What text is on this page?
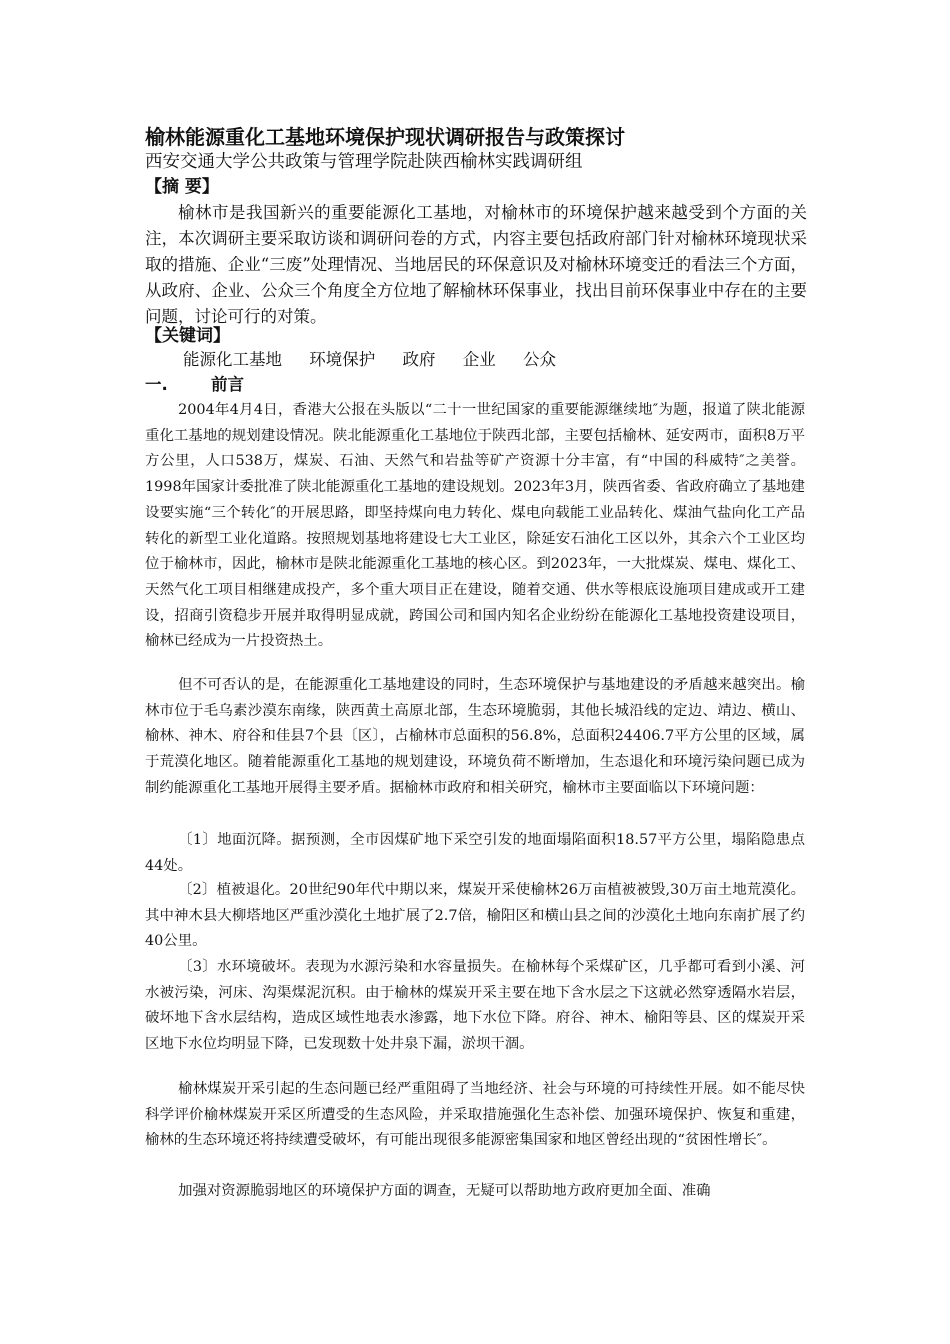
榆林能源重化工基地环境保护现状调研报告与政策探讨
西安交通大学公共政策与管理学院赴陕西榆林实践调研组
【摘 要】

榆林市是我国新兴的重要能源化工基地，对榆林市的环境保护越来越受到个方面的关注，本次调研主要采取访谈和调研问卷的方式，内容主要包括政府部门针对榆林环境现状采取的措施、企业“三废”处理情况、当地居民的环保意识及对榆林环境变迁的看法三个方面，从政府、企业、公众三个角度全方位地了解榆林环保事业，找出目前环保事业中存在的主要问题，讨论可行的对策。

【关键词】
能源化工基地 环境保护 政府 企业 公众
一.	前言

2004年4月4日，香港大公报在头版以“二十一世纪国家的重要能源继续地″为题，报道了陕北能源重化工基地的规划建设情况。陕北能源重化工基地位于陕西北部，主要包括榆林、延安两市，面积8万平方公里，人口538万，煤炭、石油、天然气和岩盐等矿产资源十分丰富，有“中国的科威特″之美誉。1998年国家计委批准了陕北能源重化工基地的建设规划。2023年3月，陕西省委、省政府确立了基地建设要实施“三个转化″的开展思路，即坚持煤向电力转化、煤电向载能工业品转化、煤油气盐向化工产品转化的新型工业化道路。按照规划基地将建设七大工业区，除延安石油化工区以外，其余六个工业区均位于榆林市，因此，榆林市是陕北能源重化工基地的核心区。到2023年，一大批煤炭、煤电、煤化工、天然气化工项目相继建成投产，多个重大项目正在建设，随着交通、供水等根底设施项目建成或开工建设，招商引资稳步开展并取得明显成就，跨国公司和国内知名企业纷纷在能源化工基地投资建设项目，榆林已经成为一片投资热土。

但不可否认的是，在能源重化工基地建设的同时，生态环境保护与基地建设的矛盾越来越突出。榆林市位于毛乌素沙漠东南缘，陕西黄土高原北部，生态环境脆弱，其他长城沿线的定边、靖边、横山、榆林、神木、府谷和佳县7个县〔区〕，占榆林市总面积的56.8%，总面积24406.7平方公里的区域，属于荒漠化地区。随着能源重化工基地的规划建设，环境负荷不断增加，生态退化和环境污染问题已成为制约能源重化工基地开展得主要矛盾。据榆林市政府和相关研究，榆林市主要面临以下环境问题：

〔1〕地面沉降。据预测，全市因煤矿地下采空引发的地面塌陷面积18.57平方公里，塌陷隐患点44处。

〔2〕植被退化。20世纪90年代中期以来，煤炭开采使榆林26万亩植被被毁,30万亩土地荒漠化。其中神木县大柳塔地区严重沙漠化土地扩展了2.7倍，榆阳区和横山县之间的沙漠化土地向东南扩展了约40公里。

〔3〕水环境破坏。表现为水源污染和水容量损失。在榆林每个采煤矿区，几乎都可看到小溪、河水被污染，河床、沟渠煤泥沉积。由于榆林的煤炭开采主要在地下含水层之下这就必然穿透隔水岩层，破坏地下含水层结构，造成区域性地表水渗露，地下水位下降。府谷、神木、榆阳等县、区的煤炭开采区地下水位均明显下降，已发现数十处井泉下漏，淤坝干涸。

榆林煤炭开采引起的生态问题已经严重阻碍了当地经济、社会与环境的可持续性开展。如不能尽快科学评价榆林煤炭开采区所遭受的生态风险，并采取措施强化生态补偿、加强环境保护、恢复和重建，榆林的生态环境还将持续遭受破坏，有可能出现很多能源密集国家和地区曾经出现的“贫困性增长″。

加强对资源脆弱地区的环境保护方面的调查，无疑可以帮助地方政府更加全面、准确
